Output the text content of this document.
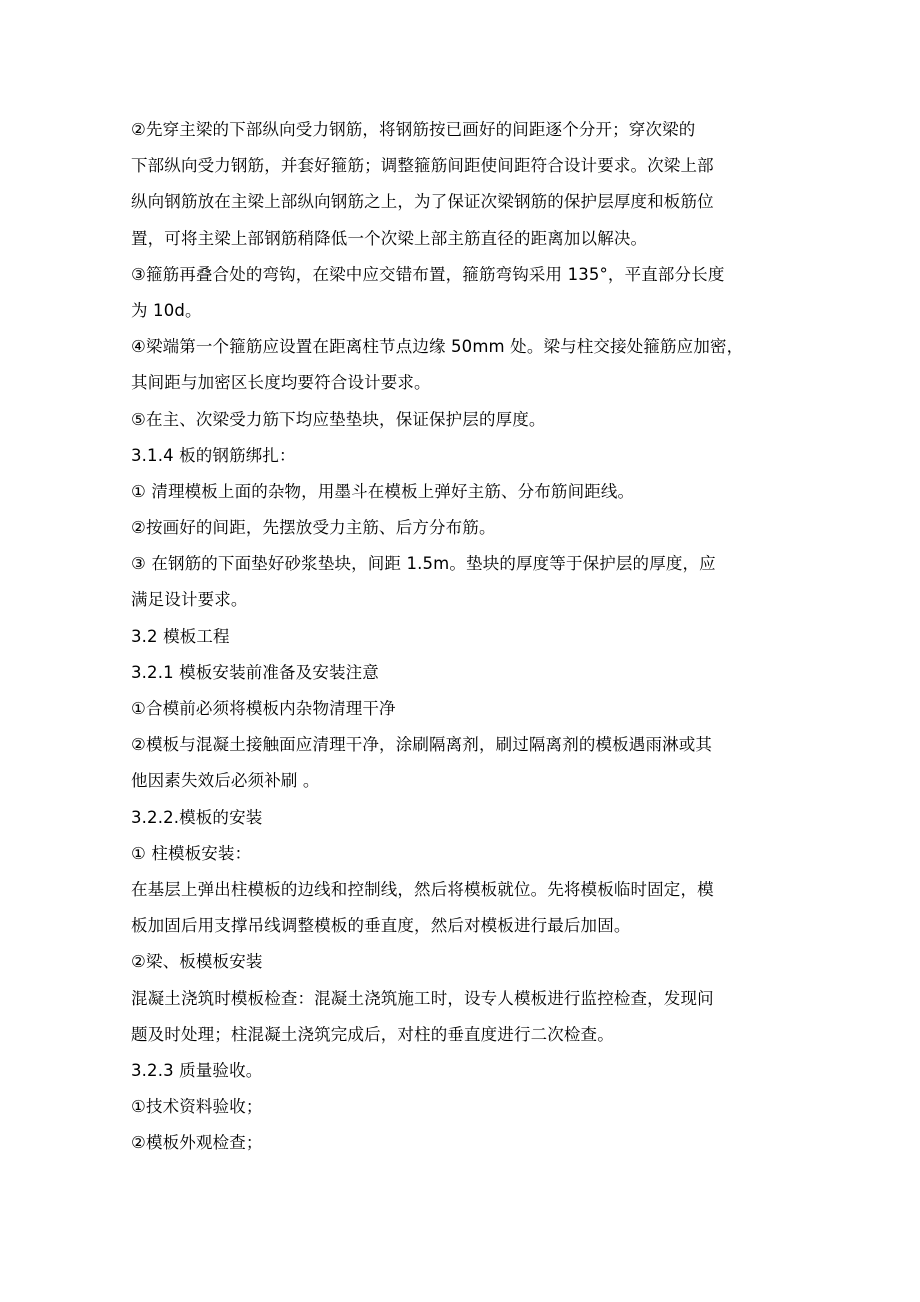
②先穿主梁的下部纵向受力钢筋，将钢筋按已画好的间距逐个分开；穿次梁的
下部纵向受力钢筋，并套好箍筋；调整箍筋间距使间距符合设计要求。次梁上部
纵向钢筋放在主梁上部纵向钢筋之上，为了保证次梁钢筋的保护层厚度和板筋位
置，可将主梁上部钢筋稍降低一个次梁上部主筋直径的距离加以解决。
③箍筋再叠合处的弯钩，在梁中应交错布置，箍筋弯钩采用 135°，平直部分长度
为 10d。
④梁端第一个箍筋应设置在距离柱节点边缘 50mm 处。梁与柱交接处箍筋应加密，
其间距与加密区长度均要符合设计要求。
⑤在主、次梁受力筋下均应垫垫块，保证保护层的厚度。
3.1.4 板的钢筋绑扎：
① 清理模板上面的杂物，用墨斗在模板上弹好主筋、分布筋间距线。
②按画好的间距，先摆放受力主筋、后方分布筋。
③ 在钢筋的下面垫好砂浆垫块，间距 1.5m。垫块的厚度等于保护层的厚度，应
满足设计要求。
3.2 模板工程
3.2.1 模板安装前准备及安装注意
①合模前必须将模板内杂物清理干净
②模板与混凝土接触面应清理干净，涂刷隔离剂，刷过隔离剂的模板遇雨淋或其
他因素失效后必须补刷 。
3.2.2.模板的安装
① 柱模板安装：
在基层上弹出柱模板的边线和控制线，然后将模板就位。先将模板临时固定，模
板加固后用支撑吊线调整模板的垂直度，然后对模板进行最后加固。
②梁、板模板安装
混凝土浇筑时模板检查：混凝土浇筑施工时，设专人模板进行监控检查，发现问
题及时处理；柱混凝土浇筑完成后，对柱的垂直度进行二次检查。
3.2.3 质量验收。
①技术资料验收；
②模板外观检查；
